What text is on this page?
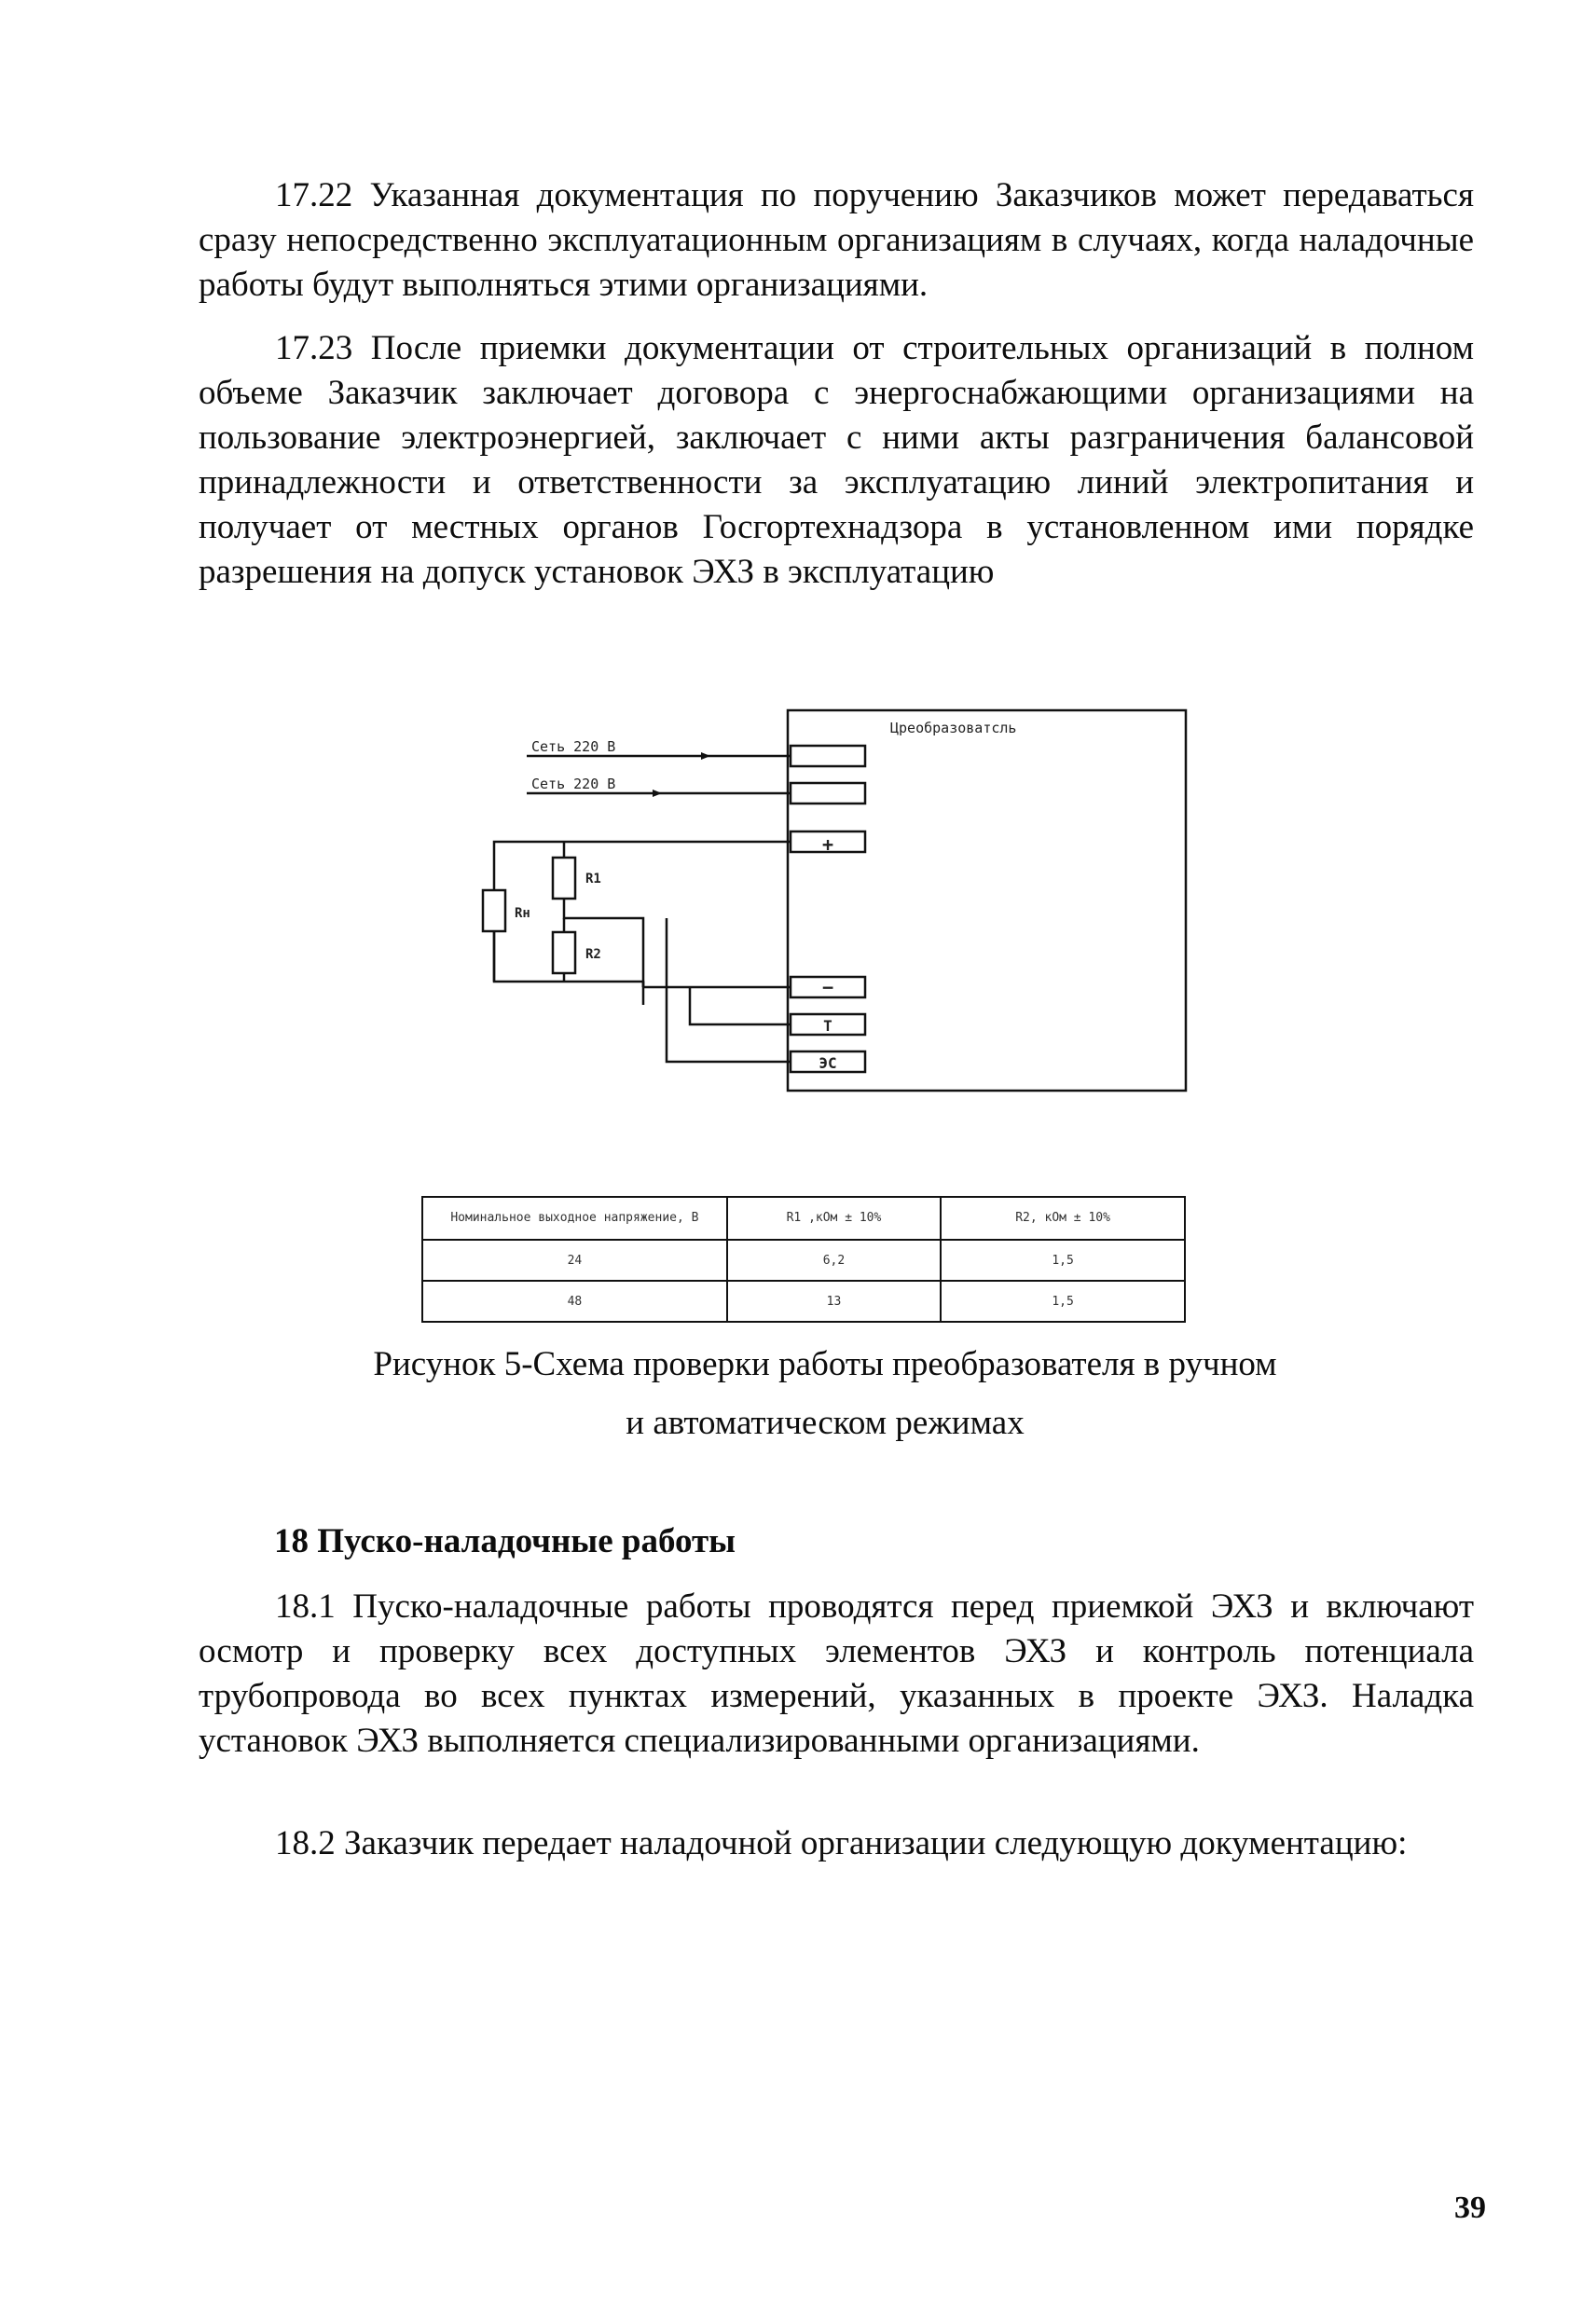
17.22 Указанная документация по поручению Заказчиков может передаваться сразу непосредственно эксплуатационным организациям в случаях, когда наладочные работы будут выполняться этими организациями.

17.23 После приемки документации от строительных организаций в полном объеме Заказчик заключает договора с энергоснабжающими организациями на пользование электроэнергией, заключает с ними акты разграничения балансовой принадлежности и ответственности за эксплуатацию линий электропитания и получает от местных органов Госгортехнадзора в установленном ими порядке разрешения на допуск установок ЭХЗ в эксплуатацию

Цреобразоватсль
Сеть 220 В
Сеть 220 В
Rн
R1
R2
+
−
Т
ЭС
Номинальное выходное напряжение, В	R1 ,кОм ± 10%	R2, кОм ± 10%
24	6,2	1,5
48	13	1,5

Рисунок 5-Схема проверки работы преобразователя в ручном

и автоматическом режимах

18 Пуско-наладочные работы

18.1 Пуско-наладочные работы проводятся перед приемкой ЭХЗ и включают осмотр и проверку всех доступных элементов ЭХЗ и контроль потенциала трубопровода во всех пунктах измерений, указанных в проекте ЭХЗ. Наладка установок ЭХЗ выполняется специализированными организациями.

18.2 Заказчик передает наладочной организации следующую документацию:

39
